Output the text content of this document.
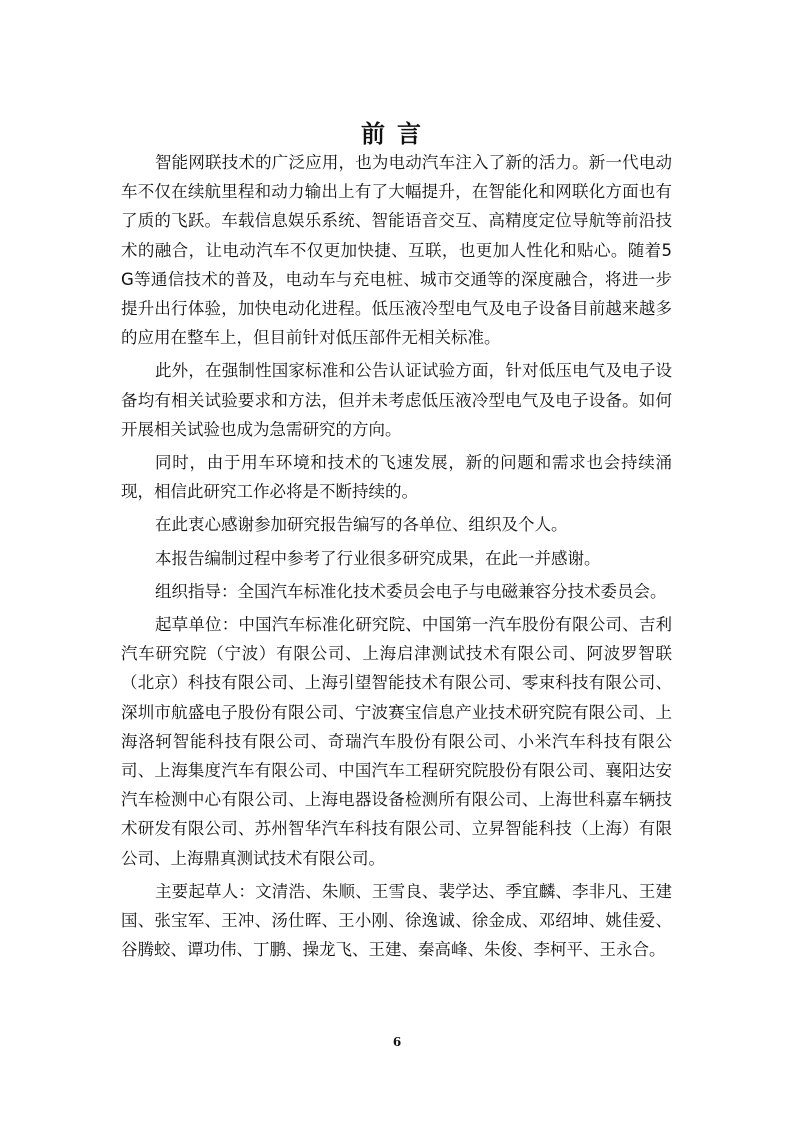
前言

智能网联技术的广泛应用，也为电动汽车注入了新的活力。新一代电动车不仅在续航里程和动力输出上有了大幅提升，在智能化和网联化方面也有了质的飞跃。车载信息娱乐系统、智能语音交互、高精度定位导航等前沿技术的融合，让电动汽车不仅更加快捷、互联，也更加人性化和贴心。随着5G等通信技术的普及，电动车与充电桩、城市交通等的深度融合，将进一步提升出行体验，加快电动化进程。低压液冷型电气及电子设备目前越来越多的应用在整车上，但目前针对低压部件无相关标准。

此外，在强制性国家标准和公告认证试验方面，针对低压电气及电子设备均有相关试验要求和方法，但并未考虑低压液冷型电气及电子设备。如何开展相关试验也成为急需研究的方向。

同时，由于用车环境和技术的飞速发展，新的问题和需求也会持续涌现，相信此研究工作必将是不断持续的。

在此衷心感谢参加研究报告编写的各单位、组织及个人。

本报告编制过程中参考了行业很多研究成果，在此一并感谢。

组织指导：全国汽车标准化技术委员会电子与电磁兼容分技术委员会。

起草单位：中国汽车标准化研究院、中国第一汽车股份有限公司、吉利汽车研究院（宁波）有限公司、上海启津测试技术有限公司、阿波罗智联（北京）科技有限公司、上海引望智能技术有限公司、零束科技有限公司、深圳市航盛电子股份有限公司、宁波赛宝信息产业技术研究院有限公司、上海洛轲智能科技有限公司、奇瑞汽车股份有限公司、小米汽车科技有限公司、上海集度汽车有限公司、中国汽车工程研究院股份有限公司、襄阳达安汽车检测中心有限公司、上海电器设备检测所有限公司、上海世科嘉车辆技术研发有限公司、苏州智华汽车科技有限公司、立昇智能科技（上海）有限公司、上海鼎真测试技术有限公司。

主要起草人：文清浩、朱顺、王雪良、裴学达、季宜麟、李非凡、王建国、张宝军、王冲、汤仕晖、王小刚、徐逸诚、徐金成、邓绍坤、姚佳爱、谷腾蛟、谭功伟、丁鹏、操龙飞、王建、秦高峰、朱俊、李柯平、王永合。

6
